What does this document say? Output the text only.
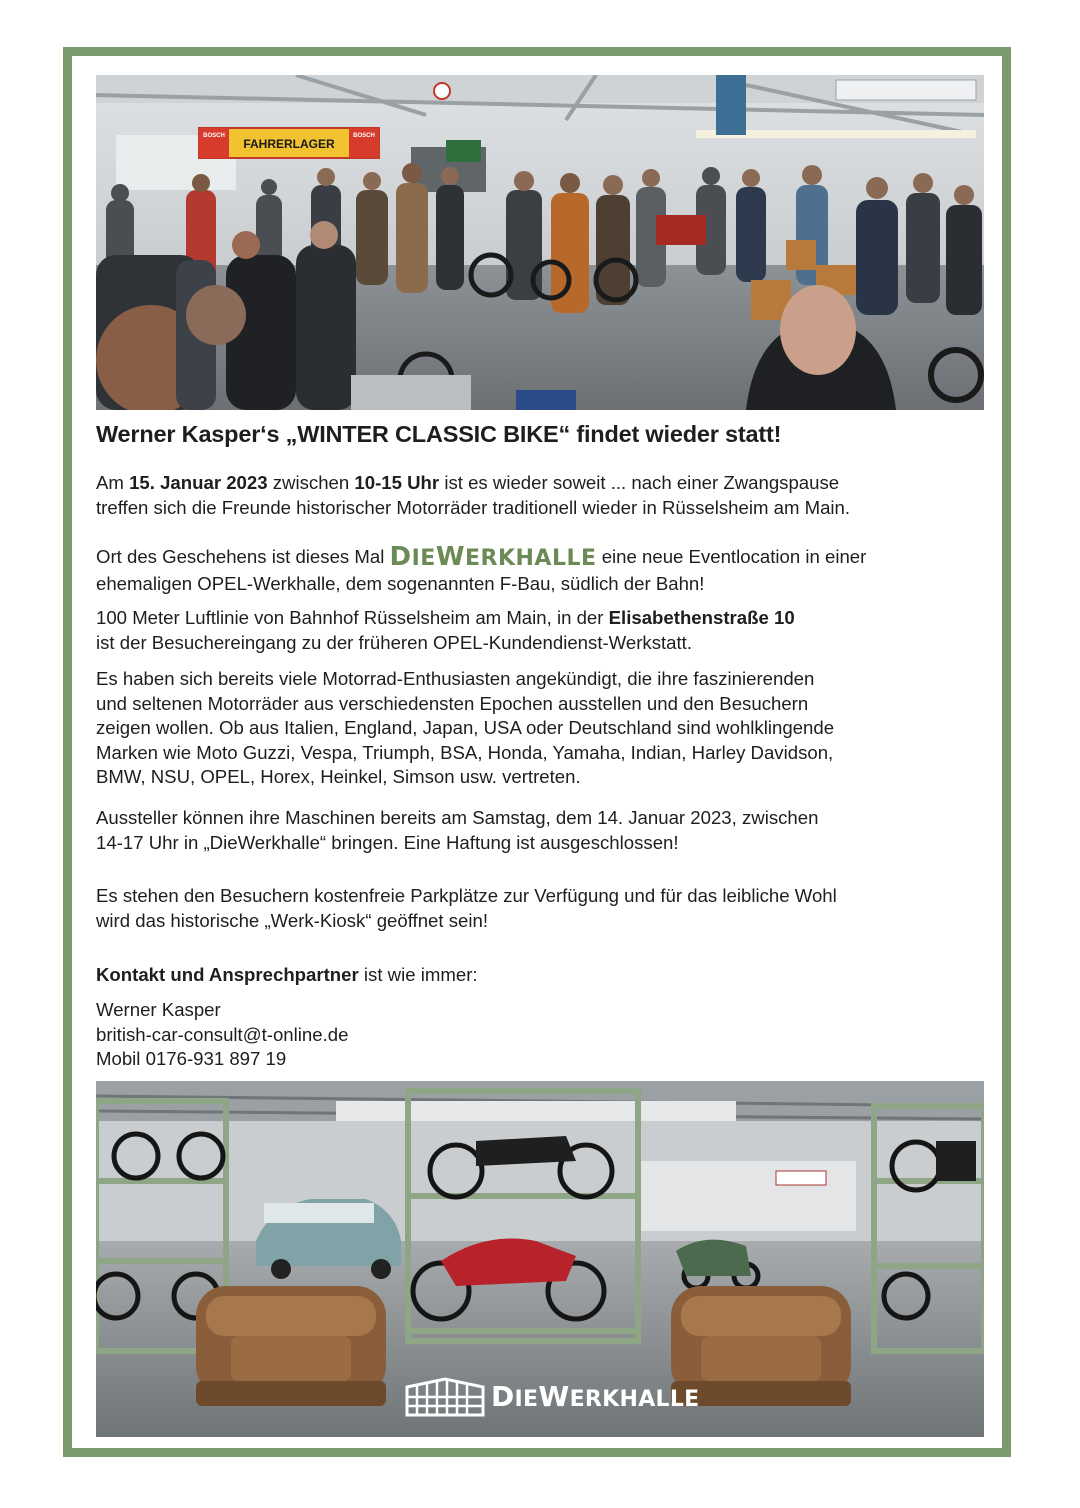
FAHRERLAGER
BOSCH	BOSCH
Werner Kasper‘s „WINTER CLASSIC BIKE“ findet wieder statt!

Am 15. Januar 2023 zwischen 10-15 Uhr ist es wieder soweit ... nach einer Zwangspause

treffen sich die Freunde historischer Motorräder traditionell wieder in Rüsselsheim am Main.

Ort des Geschehens ist dieses Mal DIEWERKHALLE eine neue Eventlocation in einer

ehemaligen OPEL-Werkhalle, dem sogenannten F-Bau, südlich der Bahn!

100 Meter Luftlinie von Bahnhof Rüsselsheim am Main, in der Elisabethenstraße 10

ist der Besuchereingang zu der früheren OPEL-Kundendienst-Werkstatt.

Es haben sich bereits viele Motorrad-Enthusiasten angekündigt, die ihre faszinierenden

und seltenen Motorräder aus verschiedensten Epochen ausstellen und den Besuchern

zeigen wollen. Ob aus Italien, England, Japan, USA oder Deutschland sind wohlklingende

Marken wie Moto Guzzi, Vespa, Triumph, BSA, Honda, Yamaha, Indian, Harley Davidson,

BMW, NSU, OPEL, Horex, Heinkel, Simson usw. vertreten.

Aussteller können ihre Maschinen bereits am Samstag, dem 14. Januar 2023, zwischen

14-17 Uhr in „DieWerkhalle“ bringen. Eine Haftung ist ausgeschlossen!

Es stehen den Besuchern kostenfreie Parkplätze zur Verfügung und für das leibliche Wohl

wird das historische „Werk-Kiosk“ geöffnet sein!

Kontakt und Ansprechpartner ist wie immer:

Werner Kasper

british-car-consult@t-online.de

Mobil 0176-931 897 19

DIEWERKHALLE
